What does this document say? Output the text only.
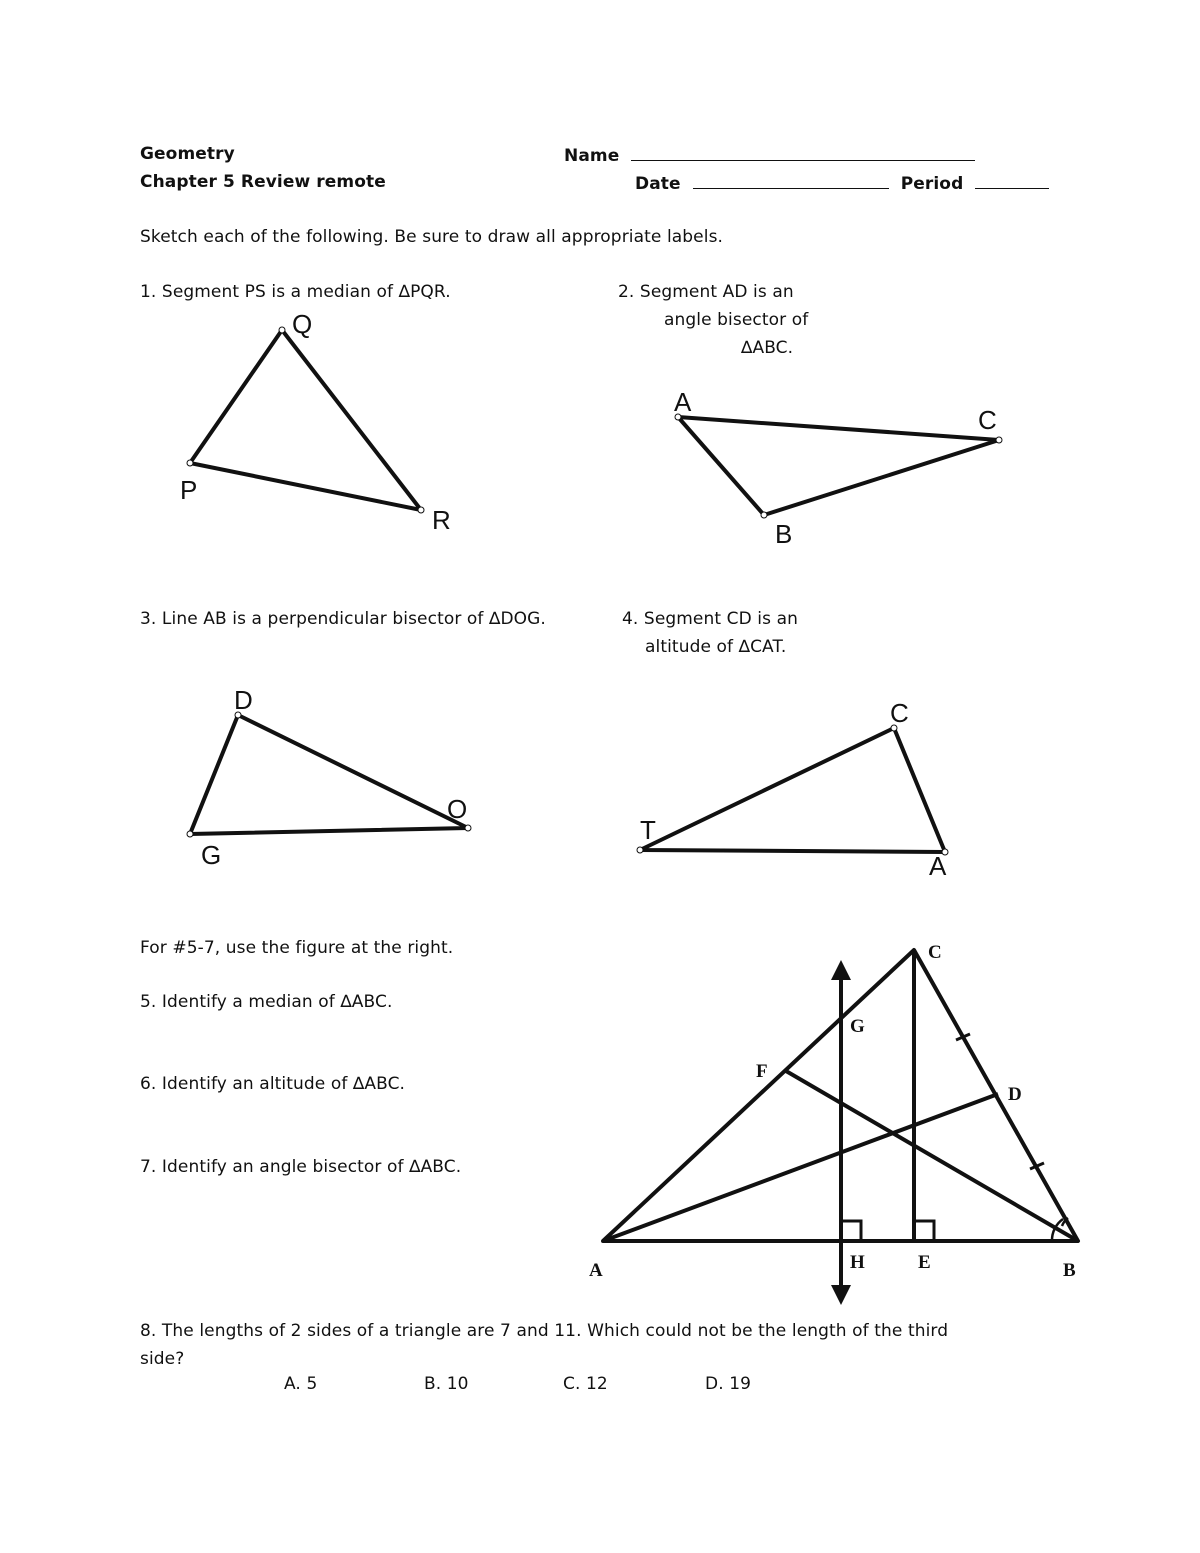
Geometry
Chapter 5 Review remote
Name
Date	Period
Sketch each of the following. Be sure to draw all appropriate labels.
1. Segment PS is a median of ∆PQR.	2. Segment AD is an
angle bisector of
∆ABC.
3. Line AB is a perpendicular bisector of ∆DOG.	4. Segment CD is an
altitude of ∆CAT.
For #5-7, use the figure at the right.
5. Identify a median of ∆ABC.
6. Identify an altitude of ∆ABC.
7. Identify an angle bisector of ∆ABC.
8. The lengths of 2 sides of a triangle are 7 and 11. Which could not be the length of the third
side?
A. 5	B. 10	C. 12	D. 19
Q
P
R
A
C
B
D
O
G
C
A
T
C
G
F
D
A	H	E	B
